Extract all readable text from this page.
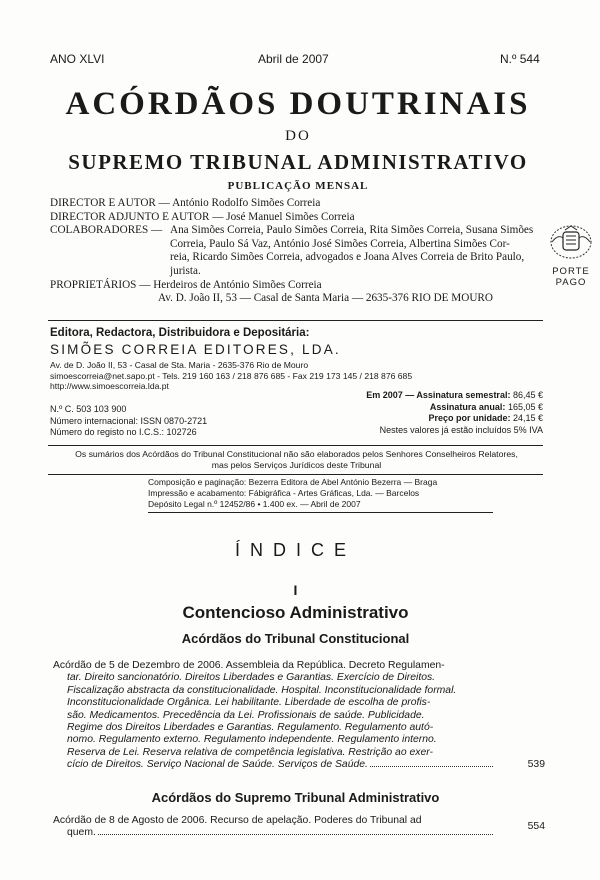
ANO XLVI	Abril de 2007	N.º 544
ACÓRDÃOS DOUTRINAIS
DO
SUPREMO TRIBUNAL ADMINISTRATIVO
PUBLICAÇÃO MENSAL
DIRECTOR E AUTOR — António Rodolfo Simões Correia
DIRECTOR ADJUNTO E AUTOR — José Manuel Simões Correia
COLABORADORES — Ana Simões Correia, Paulo Simões Correia, Rita Simões Correia, Susana Simões
Correia, Paulo Sá Vaz, António José Simões Correia, Albertina Simões Cor-
reia, Ricardo Simões Correia, advogados e Joana Alves Correia de Brito Paulo,
jurista.
PROPRIETÁRIOS — Herdeiros de António Simões Correia
Av. D. João II, 53 — Casal de Santa Maria — 2635-376 RIO DE MOURO
PORTE
PAGO
Editora, Redactora, Distribuidora e Depositária:
SIMÕES CORREIA EDITORES, LDA.
Av. de D. João II, 53 - Casal de Sta. Maria - 2635-376 Rio de Mouro
simoescorreia@net.sapo.pt - Tels. 219 160 163 / 218 876 685 - Fax 219 173 145 / 218 876 685
http://www.simoescorreia.lda.pt
N.º C. 503 103 900
Número internacional: ISSN 0870-2721
Número do registo no I.C.S.: 102726
Em 2007 — Assinatura semestral: 86,45 €
Assinatura anual: 165,05 €
Preço por unidade: 24,15 €
Nestes valores já estão incluídos 5% IVA
Os sumários dos Acórdãos do Tribunal Constitucional não são elaborados pelos Senhores Conselheiros Relatores,
mas pelos Serviços Jurídicos deste Tribunal
Composição e paginação: Bezerra Editora de Abel António Bezerra — Braga
Impressão e acabamento: Fábigráfica - Artes Gráficas, Lda. — Barcelos
Depósito Legal n.º 12452/86 • 1.400 ex. — Abril de 2007
ÍNDICE
I
Contencioso Administrativo
Acórdãos do Tribunal Constitucional
Acórdão de 5 de Dezembro de 2006. Assembleia da República. Decreto Regulamen-
tar. Direito sancionatório. Direitos Liberdades e Garantias. Exercício de Direitos.
Fiscalização abstracta da constitucionalidade. Hospital. Inconstitucionalidade formal.
Inconstitucionalidade Orgânica. Lei habilitante. Liberdade de escolha de profis-
são. Medicamentos. Precedência da Lei. Profissionais de saúde. Publicidade.
Regime dos Direitos Liberdades e Garantias. Regulamento. Regulamento autó-
nomo. Regulamento externo. Regulamento independente. Regulamento interno.
Reserva de Lei. Reserva relativa de competência legislativa. Restrição ao exer-
cício de Direitos. Serviço Nacional de Saúde. Serviços de Saúde.	539
Acórdãos do Supremo Tribunal Administrativo
Acórdão de 8 de Agosto de 2006. Recurso de apelação. Poderes do Tribunal ad
quem.
554
